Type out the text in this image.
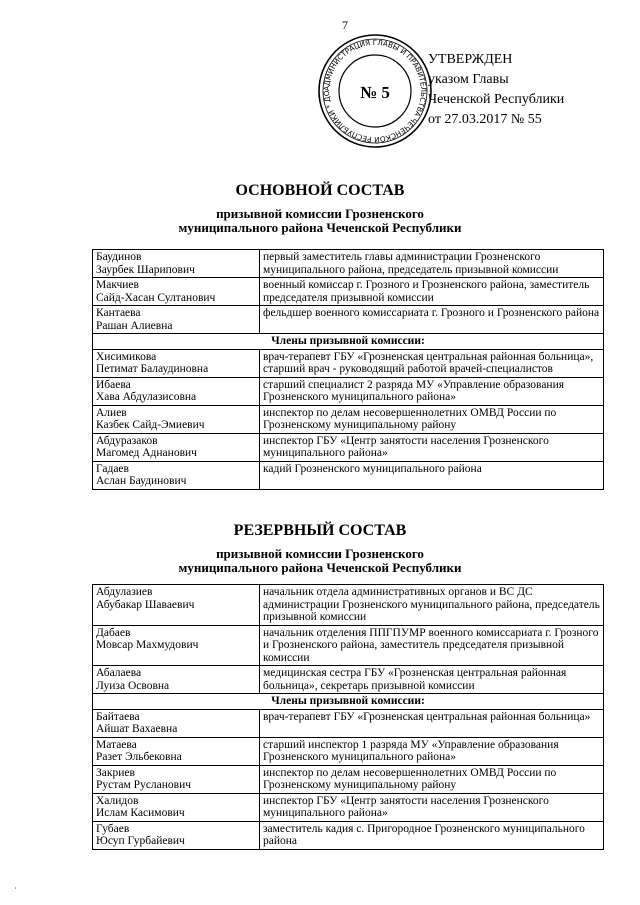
7
АДМИНИСТРАЦИЯ ГЛАВЫ И ПРАВИТЕЛЬСТВА ЧЕЧЕНСКОЙ РЕСПУБЛИКИ * ДО	№ 5
УТВЕРЖДЕН
указом Главы
Чеченской Республики
от 27.03.2017 № 55
ОСНОВНОЙ СОСТАВ
призывной комиссии Грозненского
муниципального района Чеченской Республики
Баудинов
Заурбек Шарипович	первый заместитель главы администрации Грозненского муниципального района, председатель призывной комиссии

Макчиев
Сайд-Хасан Султанович	военный комиссар г. Грозного и Грозненского района, заместитель председателя призывной комиссии

Кантаева
Рашан Алиевна	фельдшер военного комиссариата г. Грозного и Грозненского района
Члены призывной комиссии:	

Хисимикова
Петимат Балаудиновна	врач-терапевт ГБУ «Грозненская центральная районная больница», старший врач - руководящий работой врачей-специалистов

Ибаева
Хава Абдулазисовна	старший специалист 2 разряда МУ «Управление образования Грозненского муниципального района»

Алиев
Казбек Сайд-Эмиевич	инспектор по делам несовершеннолетних ОМВД России по Грозненскому муниципальному району

Абдуразаков
Магомед Аднанович	инспектор ГБУ «Центр занятости населения Грозненского муниципального района»

Гадаев
Аслан Баудинович	кадий Грозненского муниципального района
РЕЗЕРВНЫЙ СОСТАВ
призывной комиссии Грозненского
муниципального района Чеченской Республики
Абдулазиев
Абубакар Шаваевич	начальник отдела административных органов и ВС ДС администрации Грозненского муниципального района, председатель призывной комиссии

Дабаев
Мовсар Махмудович	начальник отделения ППГПУМР военного комиссариата г. Грозного и Грозненского района, заместитель председателя призывной комиссии

Абалаева
Луиза Освовна	медицинская сестра ГБУ «Грозненская центральная районная больница», секретарь призывной комиссии
Члены призывной комиссии:	

Байтаева
Айшат Вахаевна	врач-терапевт ГБУ «Грозненская центральная районная больница»

Матаева
Разет Эльбековна	старший инспектор 1 разряда МУ «Управление образования Грозненского муниципального района»

Закриев
Рустам Русланович	инспектор по делам несовершеннолетних ОМВД России по Грозненскому муниципальному району

Халидов
Ислам Касимович	инспектор ГБУ «Центр занятости населения Грозненского муниципального района»

Губаев
Юсуп Гурбайевич	заместитель кадия с. Пригородное Грозненского муниципального района
·
